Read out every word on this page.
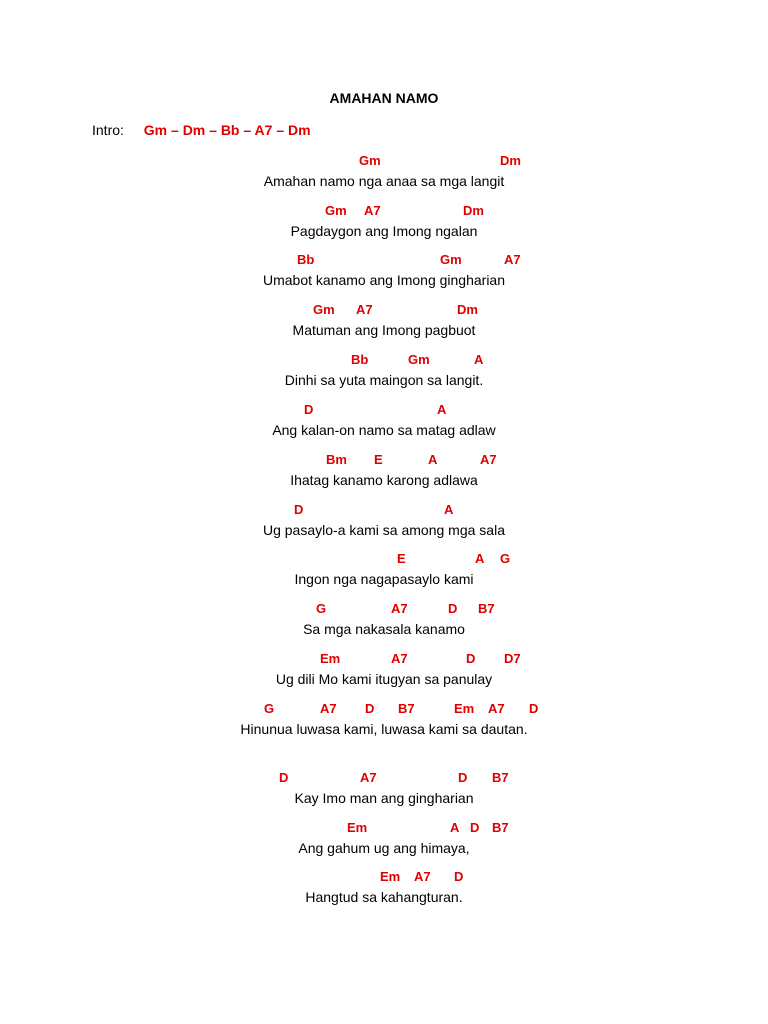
AMAHAN NAMO
Intro: Gm – Dm – Bb – A7 – Dm
Gm	Dm
Amahan namo nga anaa sa mga langit
Gm A7	Dm
Pagdaygon ang Imong ngalan
Bb	Gm	A7
Umabot kanamo ang Imong gingharian
Gm A7	Dm
Matuman ang Imong pagbuot
Bb	Gm	A
Dinhi sa yuta maingon sa langit.
D	A
Ang kalan-on namo sa matag adlaw
Bm E	A	A7
Ihatag kanamo karong adlawa
D	A
Ug pasaylo-a kami sa among mga sala
E	A G
Ingon nga nagapasaylo kami
G	A7	D B7
Sa mga nakasala kanamo
Em	A7	D D7
Ug dili Mo kami itugyan sa panulay
G	A7 D B7	Em A7 D
Hinunua luwasa kami, luwasa kami sa dautan.
D	A7	D B7
Kay Imo man ang gingharian
Em	A D B7
Ang gahum ug ang himaya,
Em A7 D
Hangtud sa kahangturan.
